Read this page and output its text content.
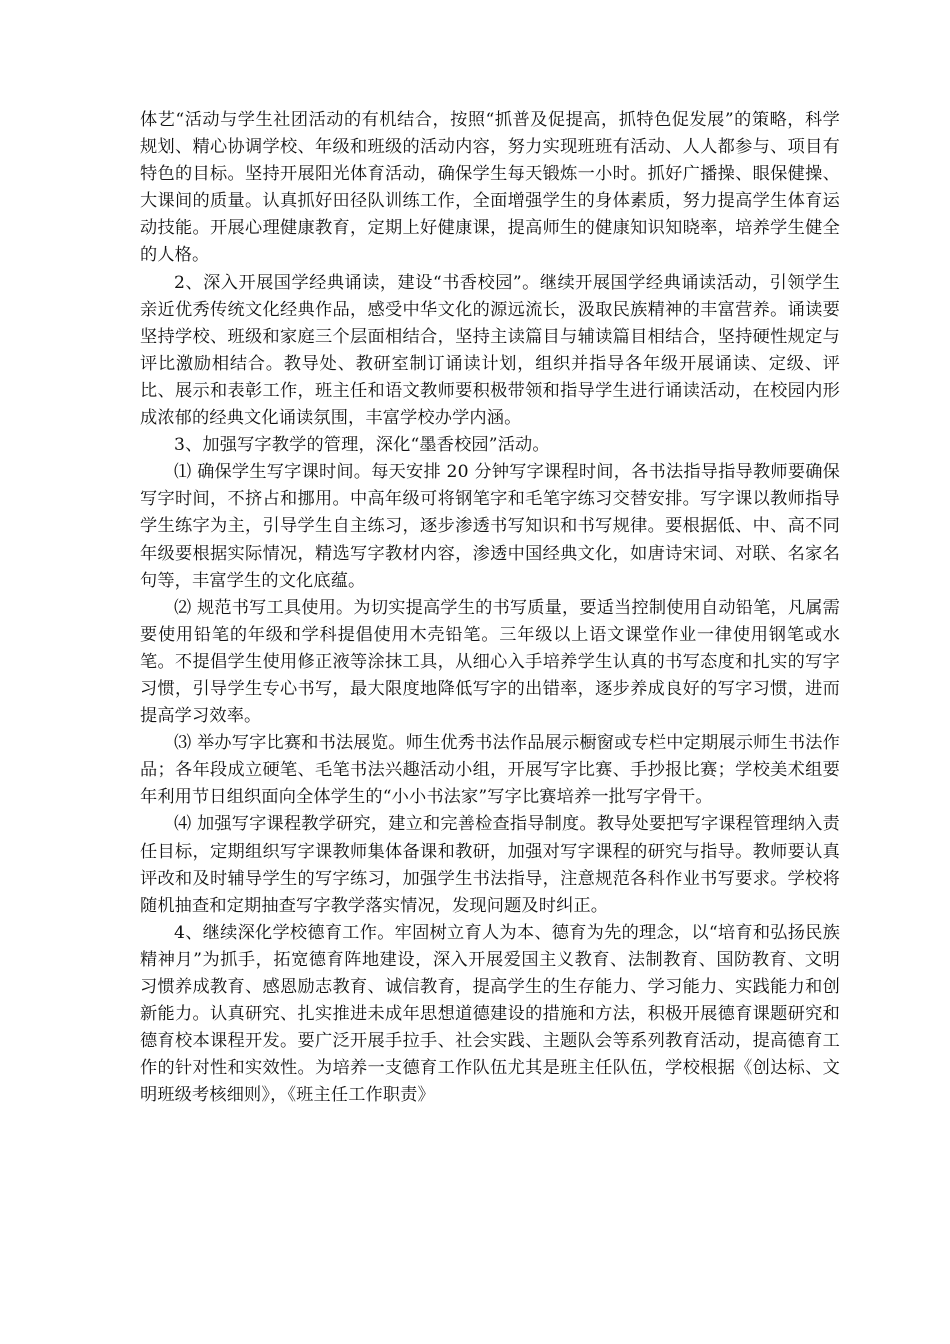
体艺“活动与学生社团活动的有机结合，按照“抓普及促提高，抓特色促发展”的策略，科学规划、精心协调学校、年级和班级的活动内容，努力实现班班有活动、人人都参与、项目有特色的目标。坚持开展阳光体育活动，确保学生每天锻炼一小时。抓好广播操、眼保健操、大课间的质量。认真抓好田径队训练工作，全面增强学生的身体素质，努力提高学生体育运动技能。开展心理健康教育，定期上好健康课，提高师生的健康知识知晓率，培养学生健全的人格。

2、深入开展国学经典诵读，建设“书香校园”。继续开展国学经典诵读活动，引领学生亲近优秀传统文化经典作品，感受中华文化的源远流长，汲取民族精神的丰富营养。诵读要坚持学校、班级和家庭三个层面相结合，坚持主读篇目与辅读篇目相结合，坚持硬性规定与评比激励相结合。教导处、教研室制订诵读计划，组织并指导各年级开展诵读、定级、评比、展示和表彰工作，班主任和语文教师要积极带领和指导学生进行诵读活动，在校园内形成浓郁的经典文化诵读氛围，丰富学校办学内涵。

3、加强写字教学的管理，深化“墨香校园”活动。

⑴ 确保学生写字课时间。每天安排 20 分钟写字课程时间，各书法指导指导教师要确保写字时间，不挤占和挪用。中高年级可将钢笔字和毛笔字练习交替安排。写字课以教师指导学生练字为主，引导学生自主练习，逐步渗透书写知识和书写规律。要根据低、中、高不同年级要根据实际情况，精选写字教材内容，渗透中国经典文化，如唐诗宋词、对联、名家名句等，丰富学生的文化底蕴。

⑵ 规范书写工具使用。为切实提高学生的书写质量，要适当控制使用自动铅笔，凡属需要使用铅笔的年级和学科提倡使用木壳铅笔。三年级以上语文课堂作业一律使用钢笔或水笔。不提倡学生使用修正液等涂抹工具，从细心入手培养学生认真的书写态度和扎实的写字习惯，引导学生专心书写，最大限度地降低写字的出错率，逐步养成良好的写字习惯，进而提高学习效率。

⑶ 举办写字比赛和书法展览。师生优秀书法作品展示橱窗或专栏中定期展示师生书法作品；各年段成立硬笔、毛笔书法兴趣活动小组，开展写字比赛、手抄报比赛；学校美术组要年利用节日组织面向全体学生的“小小书法家”写字比赛培养一批写字骨干。

⑷ 加强写字课程教学研究，建立和完善检查指导制度。教导处要把写字课程管理纳入责任目标，定期组织写字课教师集体备课和教研，加强对写字课程的研究与指导。教师要认真评改和及时辅导学生的写字练习，加强学生书法指导，注意规范各科作业书写要求。学校将随机抽查和定期抽查写字教学落实情况，发现问题及时纠正。

4、继续深化学校德育工作。牢固树立育人为本、德育为先的理念，以“培育和弘扬民族精神月”为抓手，拓宽德育阵地建设，深入开展爱国主义教育、法制教育、国防教育、文明习惯养成教育、感恩励志教育、诚信教育，提高学生的生存能力、学习能力、实践能力和创新能力。认真研究、扎实推进未成年思想道德建设的措施和方法，积极开展德育课题研究和德育校本课程开发。要广泛开展手拉手、社会实践、主题队会等系列教育活动，提高德育工作的针对性和实效性。为培养一支德育工作队伍尤其是班主任队伍，学校根据《创达标、文明班级考核细则》，《班主任工作职责》
